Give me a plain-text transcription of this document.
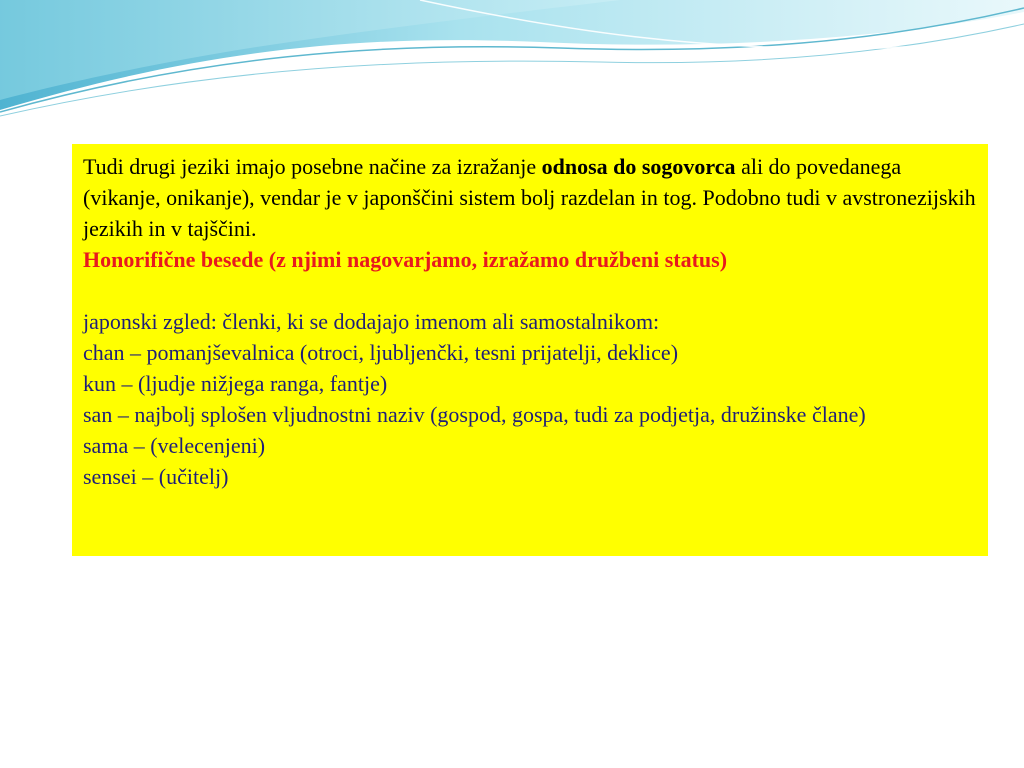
Tudi drugi jeziki imajo posebne načine za izražanje odnosa do sogovorca ali do povedanega (vikanje, onikanje), vendar je v japonščini sistem bolj razdelan in tog. Podobno tudi v avstronezijskih jezikih in v tajščini.

Honorifične besede (z njimi nagovarjamo, izražamo družbeni status)

japonski zgled: členki, ki se dodajajo imenom ali samostalnikom:
chan – pomanjševalnica (otroci, ljubljenčki, tesni prijatelji, deklice)
kun – (ljudje nižjega ranga, fantje)
san – najbolj splošen vljudnostni naziv (gospod, gospa, tudi za podjetja, družinske člane)
sama – (velecenjeni)
sensei – (učitelj)
